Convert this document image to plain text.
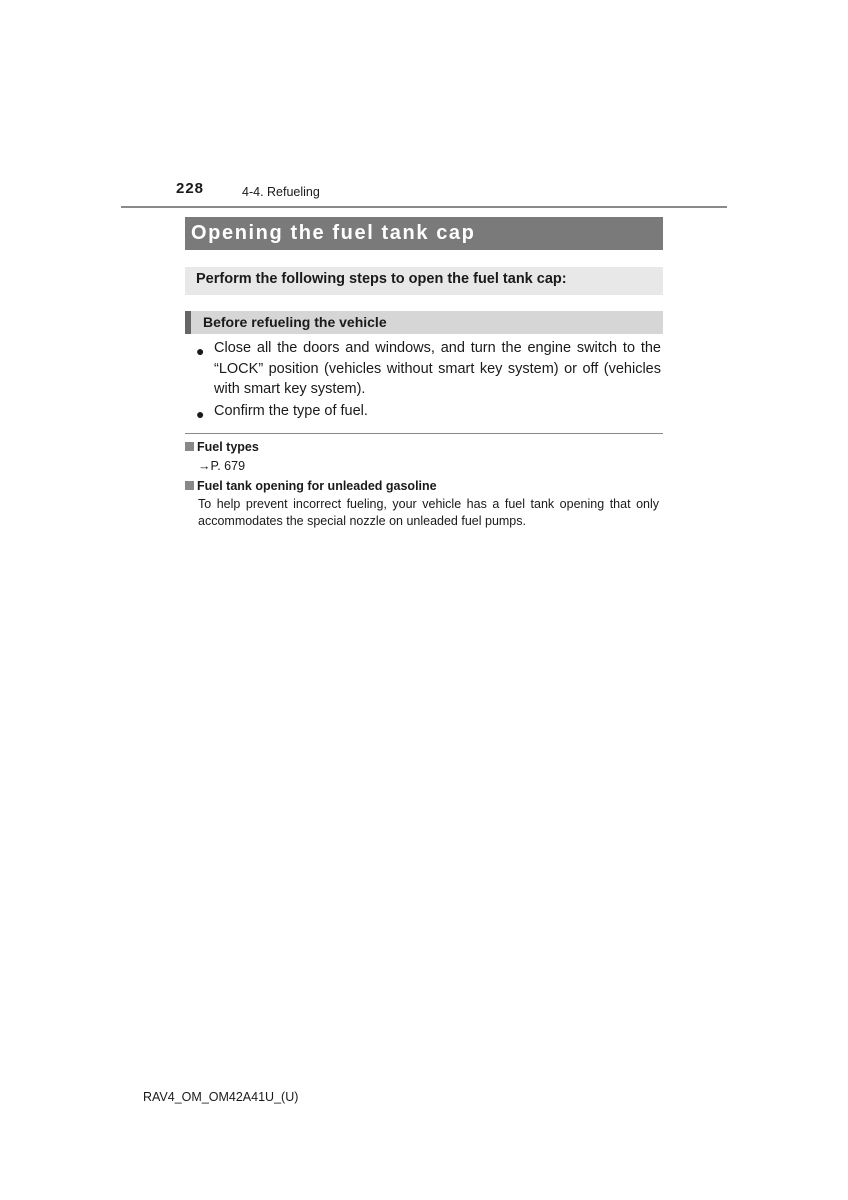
228	4-4. Refueling
Opening the fuel tank cap
Perform the following steps to open the fuel tank cap:
Before refueling the vehicle
● Close all the doors and windows, and turn the engine switch to the “LOCK” position (vehicles without smart key system) or off (vehicles with smart key system).
● Confirm the type of fuel.
Fuel types
→P. 679
Fuel tank opening for unleaded gasoline
To help prevent incorrect fueling, your vehicle has a fuel tank opening that only accommodates the special nozzle on unleaded fuel pumps.
RAV4_OM_OM42A41U_(U)
